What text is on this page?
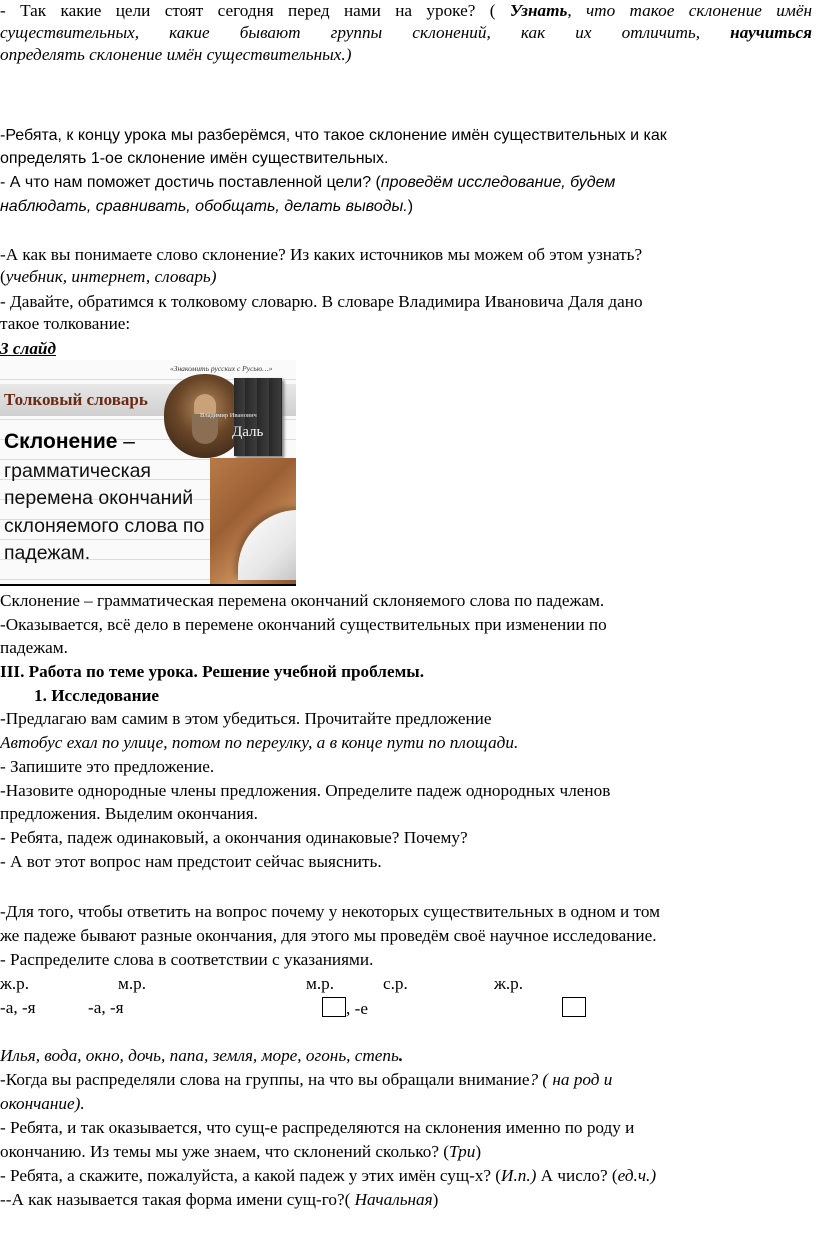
- Так какие цели стоят сегодня перед нами на уроке? ( Узнать, что такое склонение имён
существительных, какие бывают группы склонений, как их отличить, научиться
определять склонение имён существительных.)
-Ребята, к концу урока мы разберёмся, что такое склонение имён существительных и как
определять 1-ое склонение имён существительных.
- А что нам поможет достичь поставленной цели? (проведём исследование, будем
наблюдать, сравнивать, обобщать, делать выводы.)
-А как вы понимаете слово склонение? Из каких источников мы можем об этом узнать?
(учебник, интернет, словарь)
- Давайте, обратимся к толковому словарю. В словаре Владимира Ивановича Даля дано
такое толкование:
3 слайд
«Знакомить русских с Русью…»
Толковый словарь
Владимир Иванович
Даль
Склонение –
грамматическая
перемена окончаний
склоняемого слова по
падежам.
Склонение – грамматическая перемена окончаний склоняемого слова по падежам.
-Оказывается, всё дело в перемене окончаний существительных при изменении по
падежам.
III. Работа по теме урока. Решение учебной проблемы.
1. Исследование
-Предлагаю вам самим в этом убедиться. Прочитайте предложение
Автобус ехал по улице, потом по переулку, а в конце пути по площади.
- Запишите это предложение.
-Назовите однородные члены предложения. Определите падеж однородных членов
предложения. Выделим окончания.
- Ребята, падеж одинаковый, а окончания одинаковые? Почему?
- А вот этот вопрос нам предстоит сейчас выяснить.
-Для того, чтобы ответить на вопрос почему у некоторых существительных в одном и том
же падеже бывают разные окончания, для этого мы проведём своё научное исследование.
- Распределите слова в соответствии с указаниями.
ж.р.	м.р.	м.р.	с.р.	ж.р.
-а, -я	-а, -я	, -е
Илья, вода, окно, дочь, папа, земля, море, огонь, степь.
-Когда вы распределяли слова на группы, на что вы обращали внимание? ( на род и
окончание).
- Ребята, и так оказывается, что сущ-е распределяются на склонения именно по роду и
окончанию. Из темы мы уже знаем, что склонений сколько? (Три)
- Ребята, а скажите, пожалуйста, а какой падеж у этих имён сущ-х? (И.п.) А число? (ед.ч.)
--А как называется такая форма имени сущ-го?( Начальная)
